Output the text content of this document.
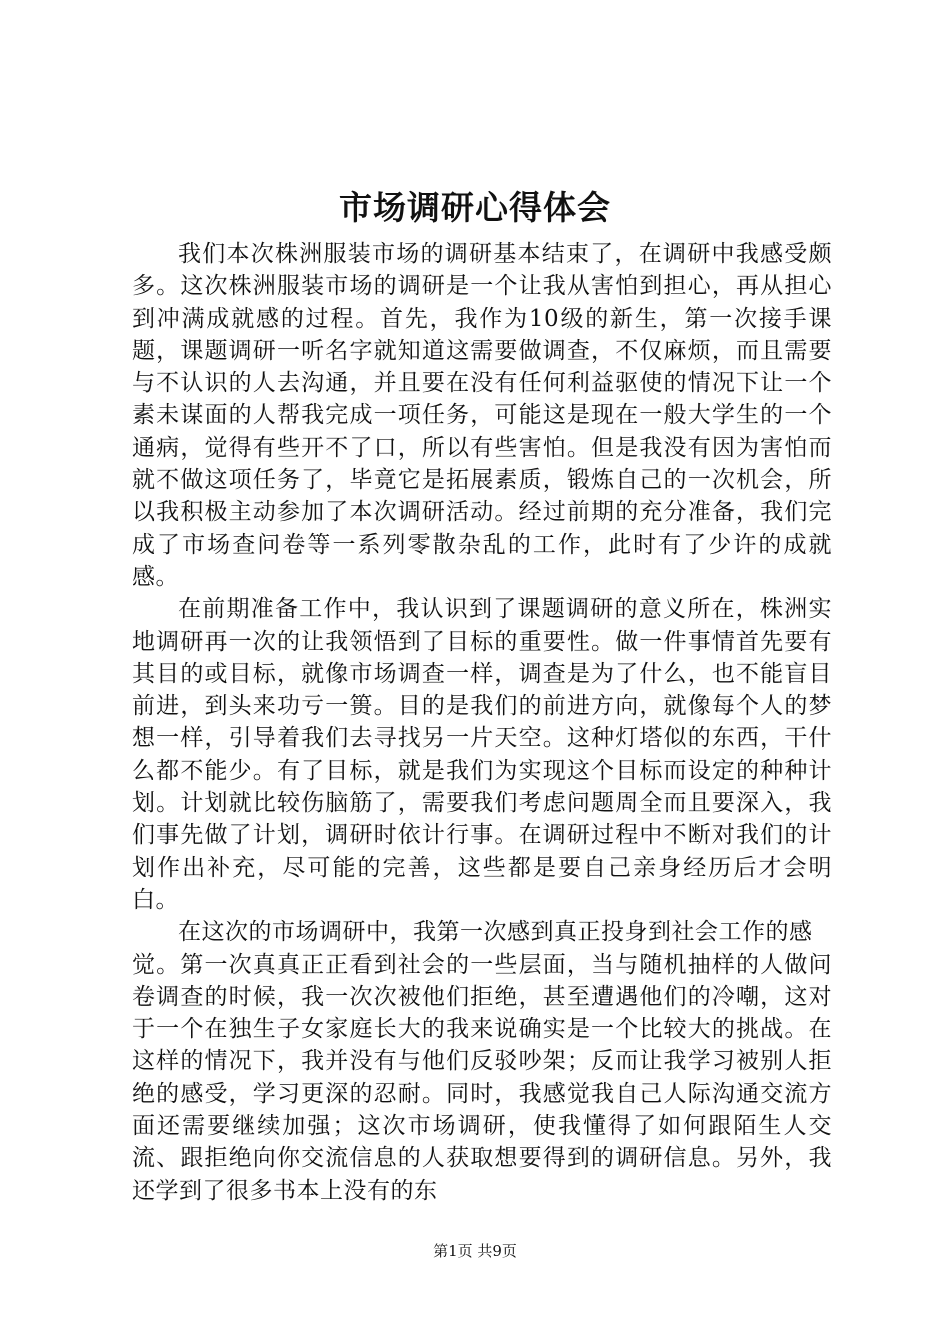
市场调研心得体会

我们本次株洲服装市场的调研基本结束了，在调研中我感受颇多。这次株洲服装市场的调研是一个让我从害怕到担心，再从担心到冲满成就感的过程。首先，我作为10级的新生，第一次接手课题，课题调研一听名字就知道这需要做调查，不仅麻烦，而且需要与不认识的人去沟通，并且要在没有任何利益驱使的情况下让一个素未谋面的人帮我完成一项任务，可能这是现在一般大学生的一个通病，觉得有些开不了口，所以有些害怕。但是我没有因为害怕而就不做这项任务了，毕竟它是拓展素质，锻炼自己的一次机会，所以我积极主动参加了本次调研活动。经过前期的充分准备，我们完成了市场查问卷等一系列零散杂乱的工作，此时有了少许的成就感。

在前期准备工作中，我认识到了课题调研的意义所在，株洲实地调研再一次的让我领悟到了目标的重要性。做一件事情首先要有其目的或目标，就像市场调查一样，调查是为了什么，也不能盲目前进，到头来功亏一篑。目的是我们的前进方向，就像每个人的梦想一样，引导着我们去寻找另一片天空。这种灯塔似的东西，干什么都不能少。有了目标，就是我们为实现这个目标而设定的种种计划。计划就比较伤脑筋了，需要我们考虑问题周全而且要深入，我们事先做了计划，调研时依计行事。在调研过程中不断对我们的计划作出补充，尽可能的完善，这些都是要自己亲身经历后才会明白。

在这次的市场调研中，我第一次感到真正投身到社会工作的感

觉。第一次真真正正看到社会的一些层面，当与随机抽样的人做问卷调查的时候，我一次次被他们拒绝，甚至遭遇他们的冷嘲，这对于一个在独生子女家庭长大的我来说确实是一个比较大的挑战。在这样的情况下，我并没有与他们反驳吵架；反而让我学习被别人拒绝的感受，学习更深的忍耐。同时，我感觉我自己人际沟通交流方面还需要继续加强；这次市场调研，使我懂得了如何跟陌生人交流、跟拒绝向你交流信息的人获取想要得到的调研信息。另外，我还学到了很多书本上没有的东

第1页 共9页
